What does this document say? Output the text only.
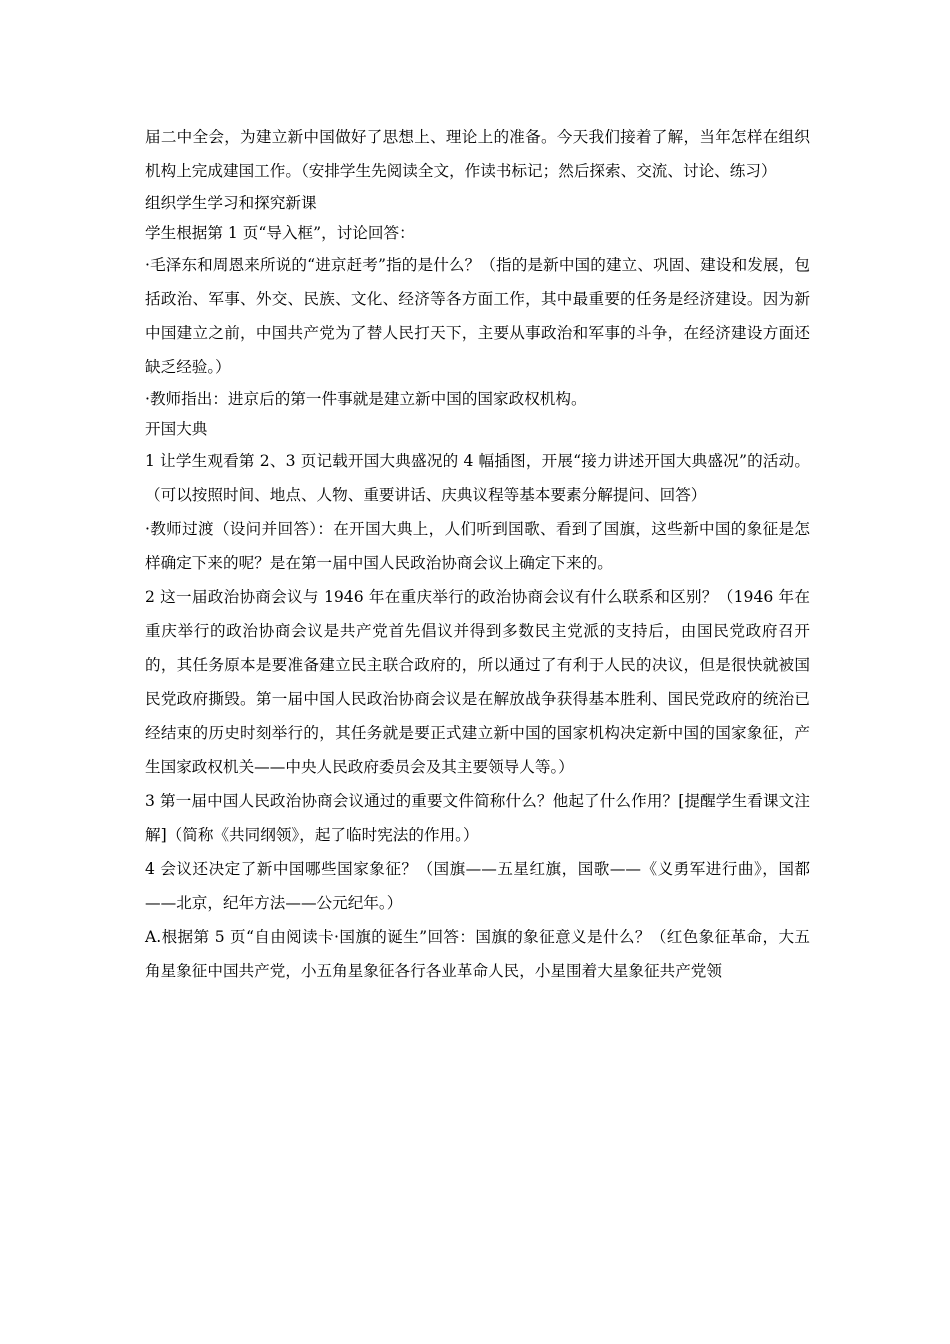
届二中全会，为建立新中国做好了思想上、理论上的准备。今天我们接着了解，当年怎样在组织机构上完成建国工作。（安排学生先阅读全文，作读书标记；然后探索、交流、讨论、练习）

组织学生学习和探究新课

学生根据第 1 页“导入框”，讨论回答：

·毛泽东和周恩来所说的“进京赶考”指的是什么？（指的是新中国的建立、巩固、建设和发展，包括政治、军事、外交、民族、文化、经济等各方面工作，其中最重要的任务是经济建设。因为新中国建立之前，中国共产党为了替人民打天下，主要从事政治和军事的斗争，在经济建设方面还缺乏经验。）

·教师指出：进京后的第一件事就是建立新中国的国家政权机构。

开国大典

1 让学生观看第 2、3 页记载开国大典盛况的 4 幅插图，开展“接力讲述开国大典盛况”的活动。（可以按照时间、地点、人物、重要讲话、庆典议程等基本要素分解提问、回答）

·教师过渡（设问并回答）：在开国大典上，人们听到国歌、看到了国旗，这些新中国的象征是怎样确定下来的呢？是在第一届中国人民政治协商会议上确定下来的。

2 这一届政治协商会议与 1946 年在重庆举行的政治协商会议有什么联系和区别？（1946 年在重庆举行的政治协商会议是共产党首先倡议并得到多数民主党派的支持后，由国民党政府召开的，其任务原本是要准备建立民主联合政府的，所以通过了有利于人民的决议，但是很快就被国民党政府撕毁。第一届中国人民政治协商会议是在解放战争获得基本胜利、国民党政府的统治已经结束的历史时刻举行的，其任务就是要正式建立新中国的国家机构决定新中国的国家象征，产生国家政权机关——中央人民政府委员会及其主要领导人等。）

3 第一届中国人民政治协商会议通过的重要文件简称什么？他起了什么作用？[提醒学生看课文注解]（简称《共同纲领》，起了临时宪法的作用。）

4 会议还决定了新中国哪些国家象征？（国旗——五星红旗，国歌——《义勇军进行曲》，国都——北京，纪年方法——公元纪年。）

A.根据第 5 页“自由阅读卡·国旗的诞生”回答：国旗的象征意义是什么？（红色象征革命，大五角星象征中国共产党，小五角星象征各行各业革命人民，小星围着大星象征共产党领
